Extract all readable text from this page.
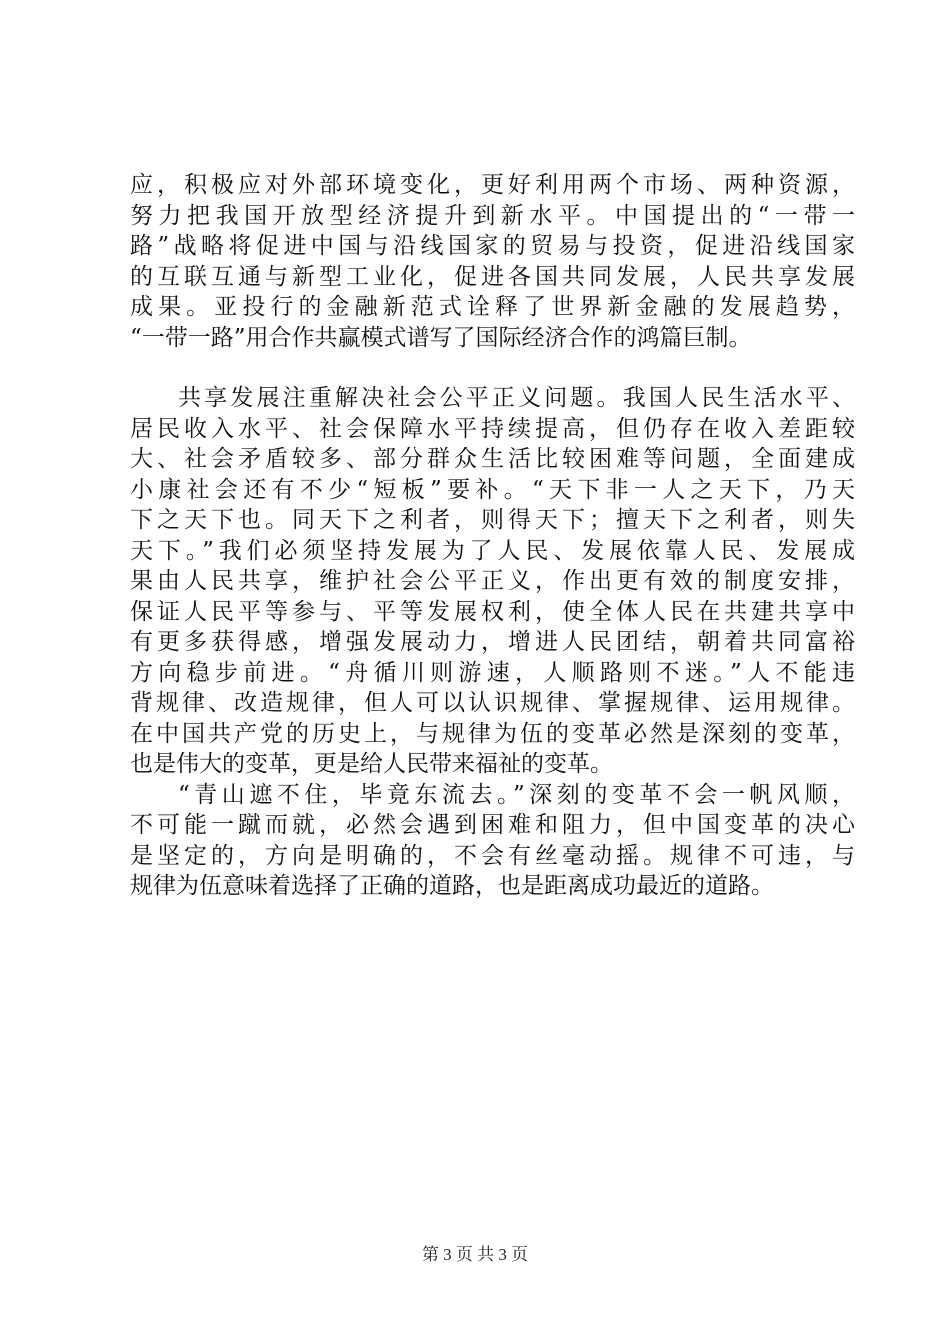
应，积极应对外部环境变化，更好利用两个市场、两种资源，
努力把我国开放型经济提升到新水平。中国提出的“一带一
路”战略将促进中国与沿线国家的贸易与投资，促进沿线国家
的互联互通与新型工业化，促进各国共同发展，人民共享发展
成果。亚投行的金融新范式诠释了世界新金融的发展趋势，
“一带一路”用合作共赢模式谱写了国际经济合作的鸿篇巨制。
共享发展注重解决社会公平正义问题。我国人民生活水平、
居民收入水平、社会保障水平持续提高，但仍存在收入差距较
大、社会矛盾较多、部分群众生活比较困难等问题，全面建成
小康社会还有不少“短板”要补。“天下非一人之天下，乃天
下之天下也。同天下之利者，则得天下；擅天下之利者，则失
天下。”我们必须坚持发展为了人民、发展依靠人民、发展成
果由人民共享，维护社会公平正义，作出更有效的制度安排，
保证人民平等参与、平等发展权利，使全体人民在共建共享中
有更多获得感，增强发展动力，增进人民团结，朝着共同富裕
方向稳步前进。“舟循川则游速，人顺路则不迷。”人不能违
背规律、改造规律，但人可以认识规律、掌握规律、运用规律。
在中国共产党的历史上，与规律为伍的变革必然是深刻的变革，
也是伟大的变革，更是给人民带来福祉的变革。
“青山遮不住，毕竟东流去。”深刻的变革不会一帆风顺，
不可能一蹴而就，必然会遇到困难和阻力，但中国变革的决心
是坚定的，方向是明确的，不会有丝毫动摇。规律不可违，与
规律为伍意味着选择了正确的道路，也是距离成功最近的道路。
第 3 页 共 3 页
